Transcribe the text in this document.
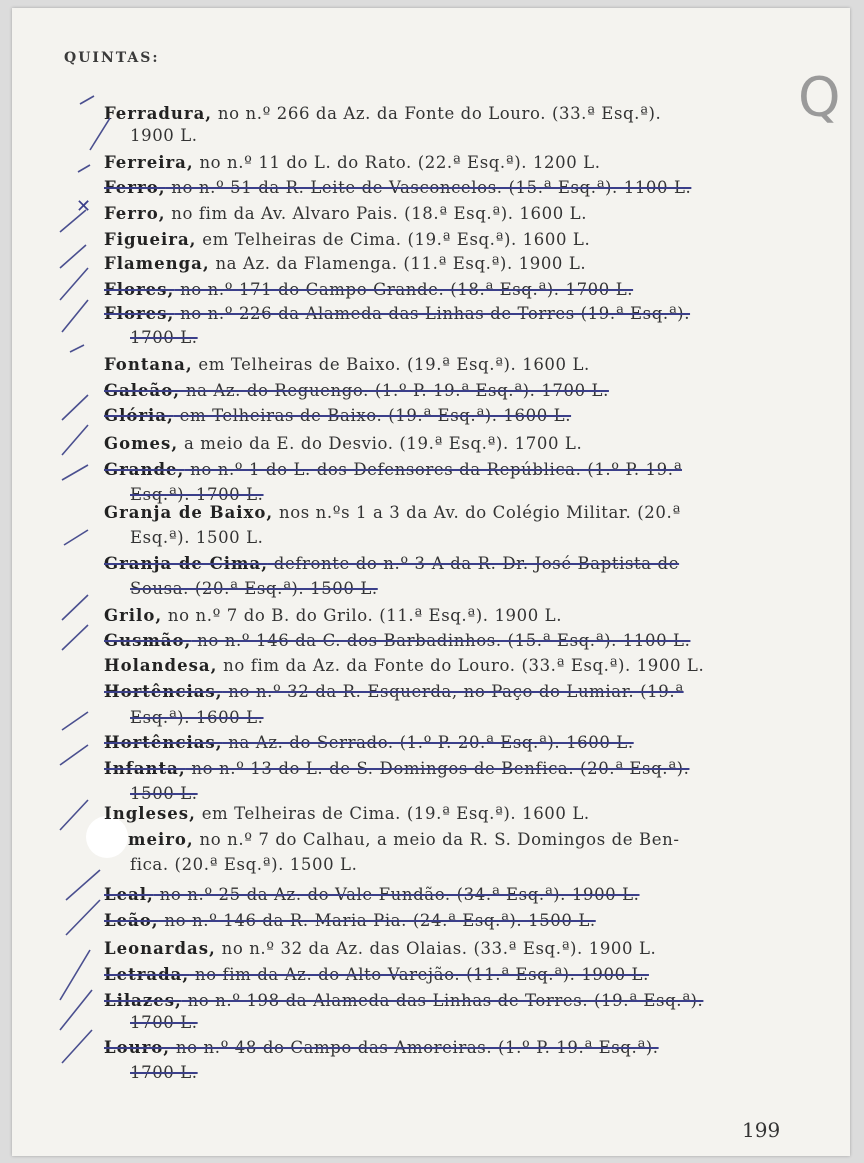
QUINTAS:
Q
✕
Ferradura, no n.º 266 da Az. da Fonte do Louro. (33.ª Esq.ª).
1900 L.
Ferreira, no n.º 11 do L. do Rato. (22.ª Esq.ª). 1200 L.
Ferro, no n.º 51 da R. Leite de Vasconcelos. (15.ª Esq.ª). 1100 L.
Ferro, no fim da Av. Alvaro Pais. (18.ª Esq.ª). 1600 L.
Figueira, em Telheiras de Cima. (19.ª Esq.ª). 1600 L.
Flamenga, na Az. da Flamenga. (11.ª Esq.ª). 1900 L.
Flores, no n.º 171 do Campo Grande. (18.ª Esq.ª). 1700 L.
Flores, no n.º 226 da Alameda das Linhas de Torres (19.ª Esq.ª).
1700 L.
Fontana, em Telheiras de Baixo. (19.ª Esq.ª). 1600 L.
Galeão, na Az. do Reguengo. (1.º P. 19.ª Esq.ª). 1700 L.
Glória, em Telheiras de Baixo. (19.ª Esq.ª). 1600 L.
Gomes, a meio da E. do Desvio. (19.ª Esq.ª). 1700 L.
Grande, no n.º 1 do L. dos Defensores da República. (1.º P. 19.ª
Esq.ª). 1700 L.
Granja de Baixo, nos n.ºs 1 a 3 da Av. do Colégio Militar. (20.ª
Esq.ª). 1500 L.
Granja de Cima, defronte do n.º 3-A da R. Dr. José Baptista de
Sousa. (20.ª Esq.ª). 1500 L.
Grilo, no n.º 7 do B. do Grilo. (11.ª Esq.ª). 1900 L.
Gusmão, no n.º 146 da C. dos Barbadinhos. (15.ª Esq.ª). 1100 L.
Holandesa, no fim da Az. da Fonte do Louro. (33.ª Esq.ª). 1900 L.
Hortências, no n.º 32 da R. Esquerda, no Paço do Lumiar. (19.ª
Esq.ª). 1600 L.
Hortências, na Az. do Serrado. (1.º P. 20.ª Esq.ª). 1600 L.
Infanta, no n.º 13 do L. de S. Domingos de Benfica. (20.ª Esq.ª).
1500 L.
Ingleses, em Telheiras de Cima. (19.ª Esq.ª). 1600 L.
meiro, no n.º 7 do Calhau, a meio da R. S. Domingos de Ben-
fica. (20.ª Esq.ª). 1500 L.
Leal, no n.º 25 da Az. do Vale Fundão. (34.ª Esq.ª). 1900 L.
Leão, no n.º 146 da R. Maria Pia. (24.ª Esq.ª). 1500 L.
Leonardas, no n.º 32 da Az. das Olaias. (33.ª Esq.ª). 1900 L.
Letrada, no fim da Az. do Alto Varejão. (11.ª Esq.ª). 1900 L.
Lilazes, no n.º 198 da Alameda das Linhas de Torres. (19.ª Esq.ª).
1700 L.
Louro, no n.º 48 do Campo das Amoreiras. (1.º P. 19.ª Esq.ª).
1700 L.
199
